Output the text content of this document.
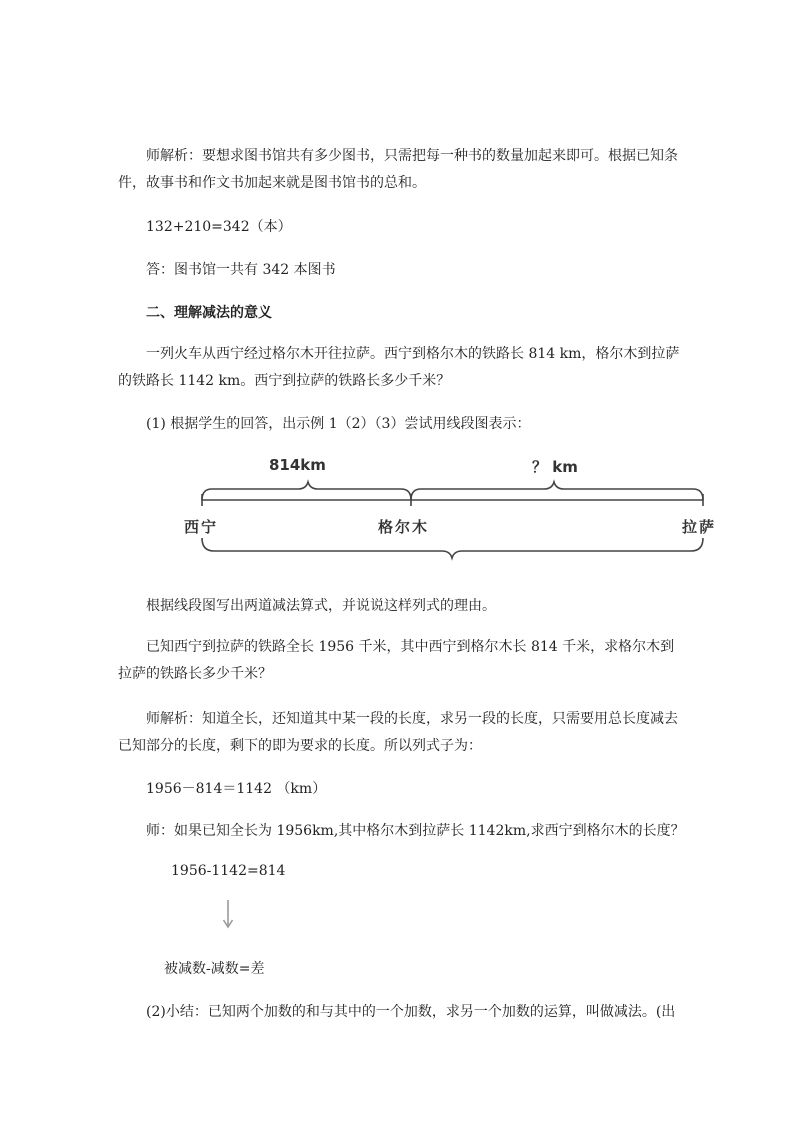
师解析：要想求图书馆共有多少图书，只需把每一种书的数量加起来即可。根据已知条件，故事书和作文书加起来就是图书馆书的总和。
132+210=342（本）
答：图书馆一共有 342 本图书
二、理解减法的意义
一列火车从西宁经过格尔木开往拉萨。西宁到格尔木的铁路长 814 km，格尔木到拉萨的铁路长 1142 km。西宁到拉萨的铁路长多少千米？
(1) 根据学生的回答，出示例 1（2）（3）尝试用线段图表示：
814km	？ km
西宁	格尔木	拉萨
根据线段图写出两道减法算式，并说说这样列式的理由。
已知西宁到拉萨的铁路全长 1956 千米，其中西宁到格尔木长 814 千米，求格尔木到拉萨的铁路长多少千米？
师解析：知道全长，还知道其中某一段的长度，求另一段的长度，只需要用总长度减去已知部分的长度，剩下的即为要求的长度。所以列式子为：
1956－814＝1142 （km）
师：如果已知全长为 1956km,其中格尔木到拉萨长 1142km,求西宁到格尔木的长度？
1956-1142=814
被减数-减数=差
(2)小结：已知两个加数的和与其中的一个加数，求另一个加数的运算，叫做减法。(出
